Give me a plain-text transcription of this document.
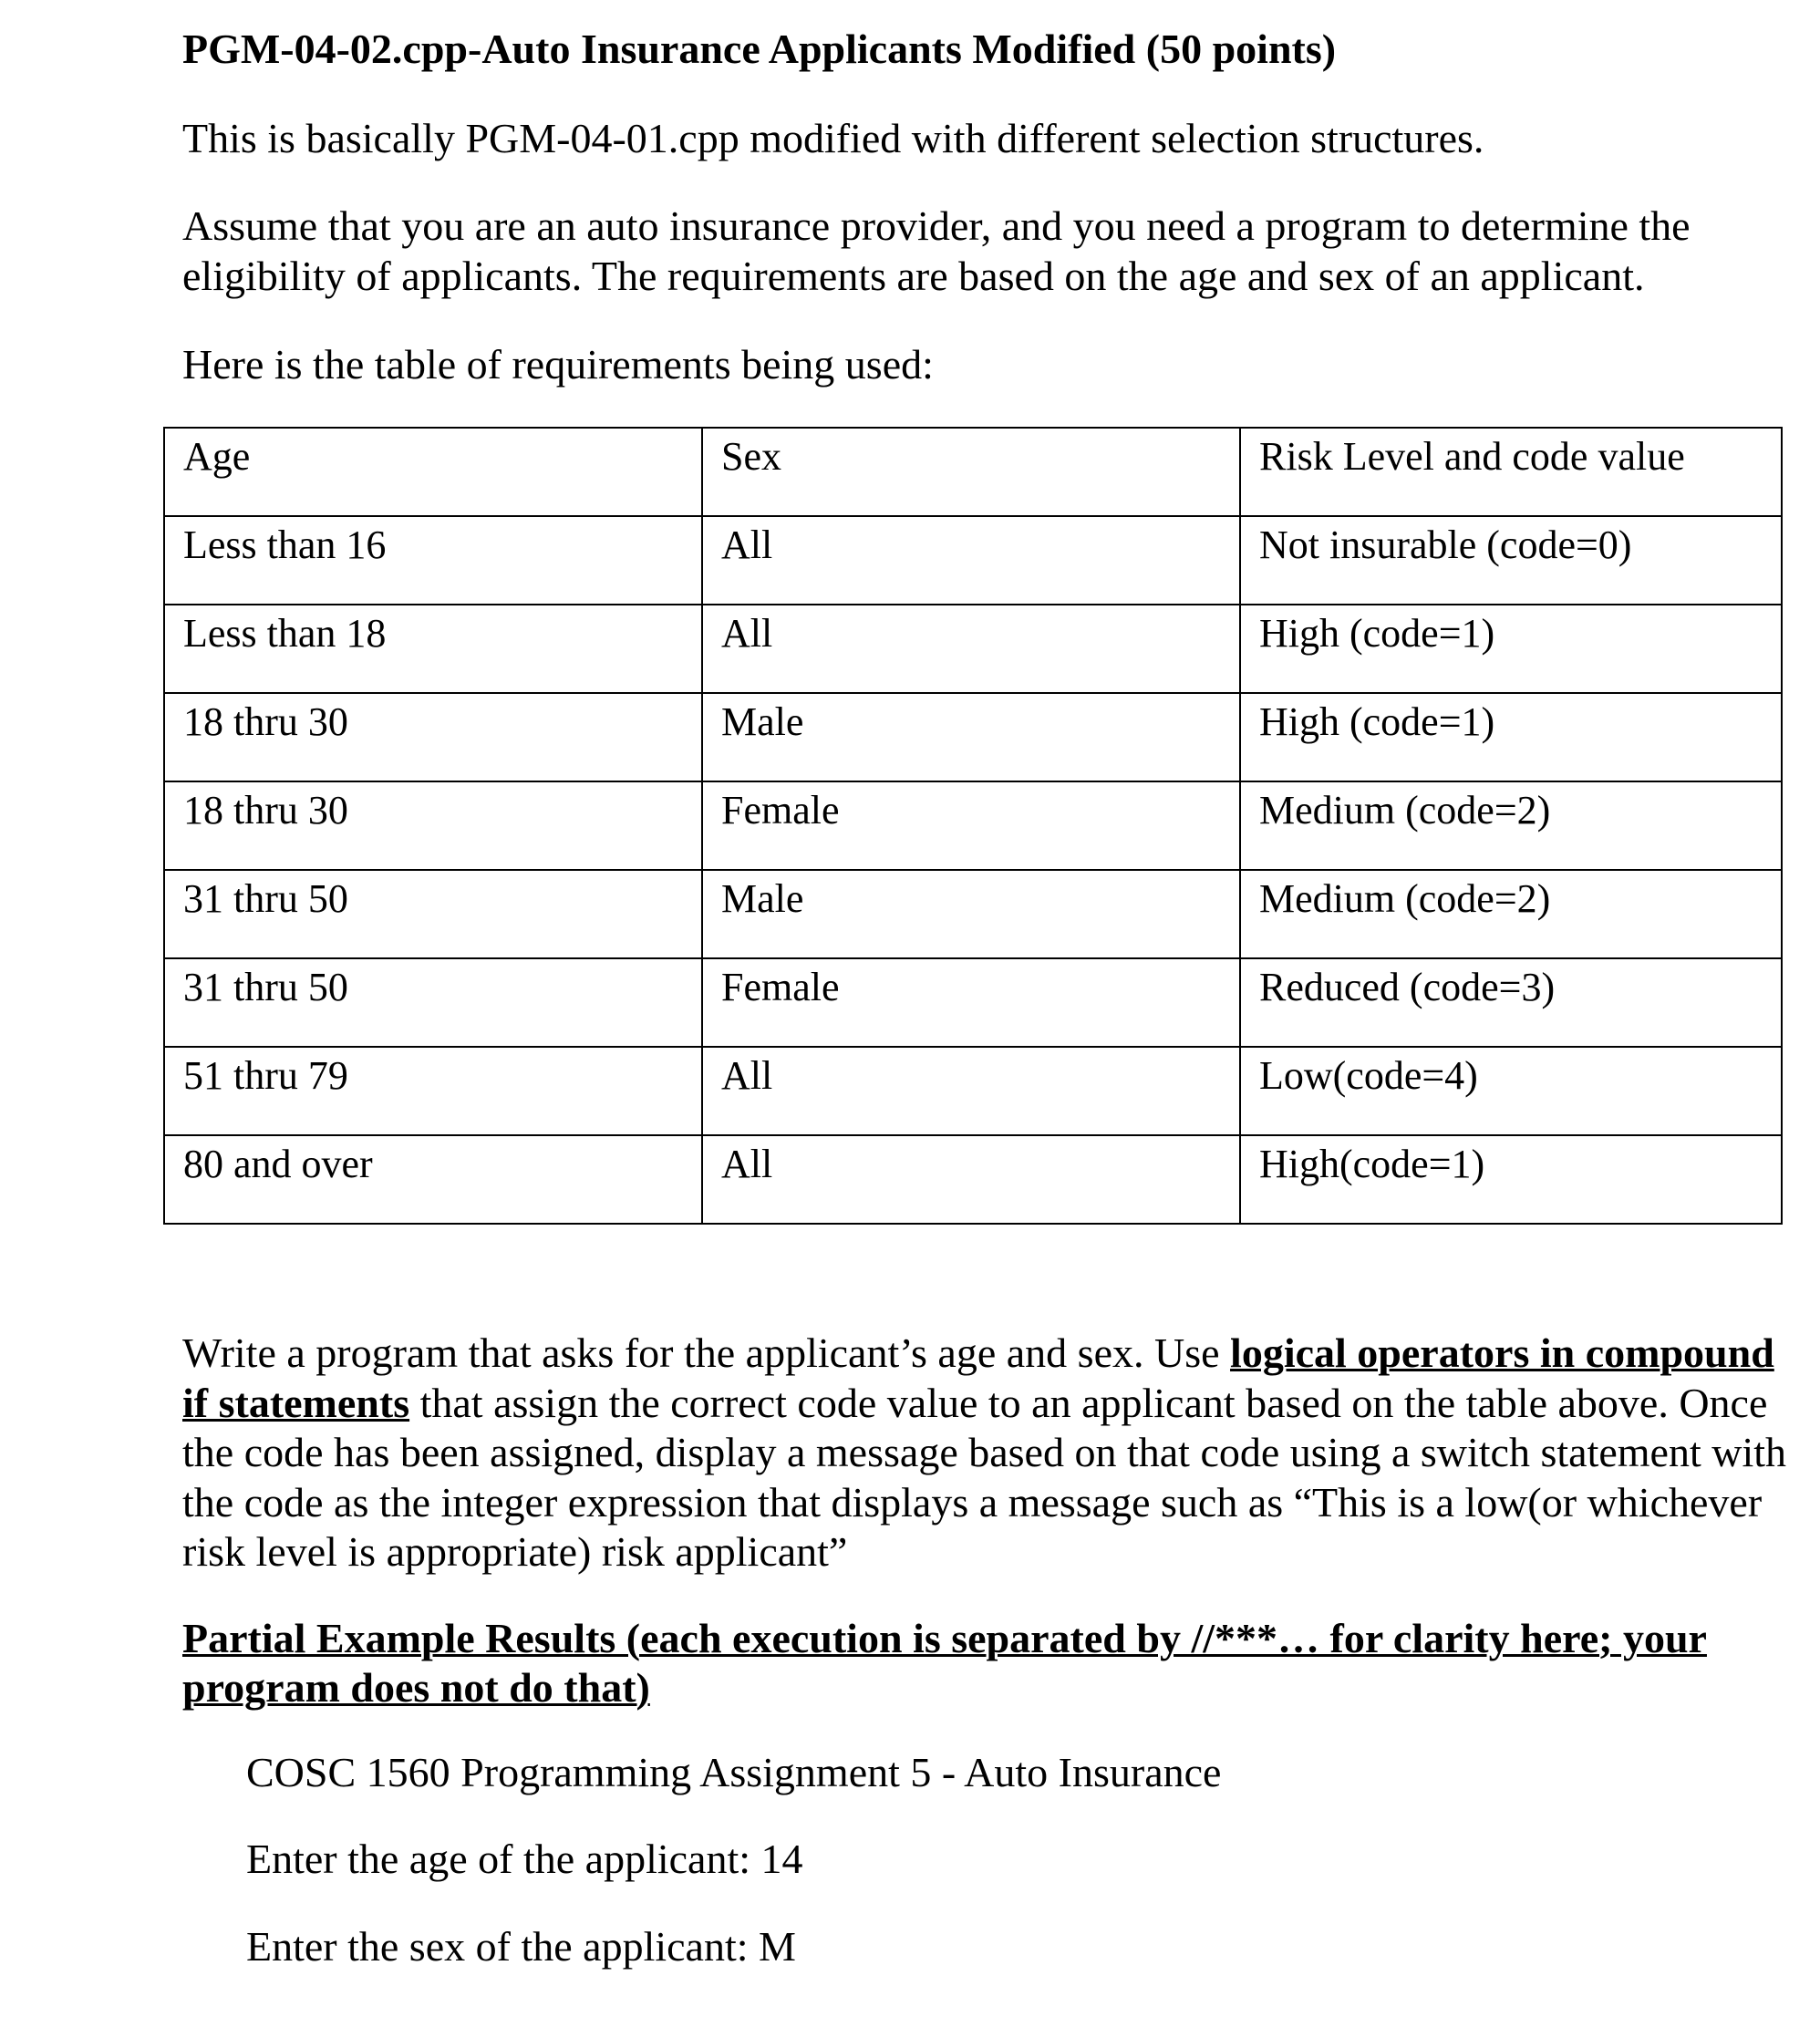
PGM-04-02.cpp-Auto Insurance Applicants Modified (50 points)
This is basically PGM-04-01.cpp modified with different selection structures.
Assume that you are an auto insurance provider, and you need a program to determine the eligibility of applicants. The requirements are based on the age and sex of an applicant.
Here is the table of requirements being used:
Age	Sex	Risk Level and code value
Less than 16	All	Not insurable (code=0)
Less than 18	All	High (code=1)
18 thru 30	Male	High (code=1)
18 thru 30	Female	Medium (code=2)
31 thru 50	Male	Medium (code=2)
31 thru 50	Female	Reduced (code=3)
51 thru 79	All	Low(code=4)
80 and over	All	High(code=1)
Write a program that asks for the applicant’s age and sex. Use logical operators in compound if statements that assign the correct code value to an applicant based on the table above. Once the code has been assigned, display a message based on that code using a switch statement with the code as the integer expression that displays a message such as “This is a low(or whichever risk level is appropriate) risk applicant”
Partial Example Results (each execution is separated by //***… for clarity here; your program does not do that)
COSC 1560 Programming Assignment 5 - Auto Insurance
Enter the age of the applicant: 14
Enter the sex of the applicant: M
